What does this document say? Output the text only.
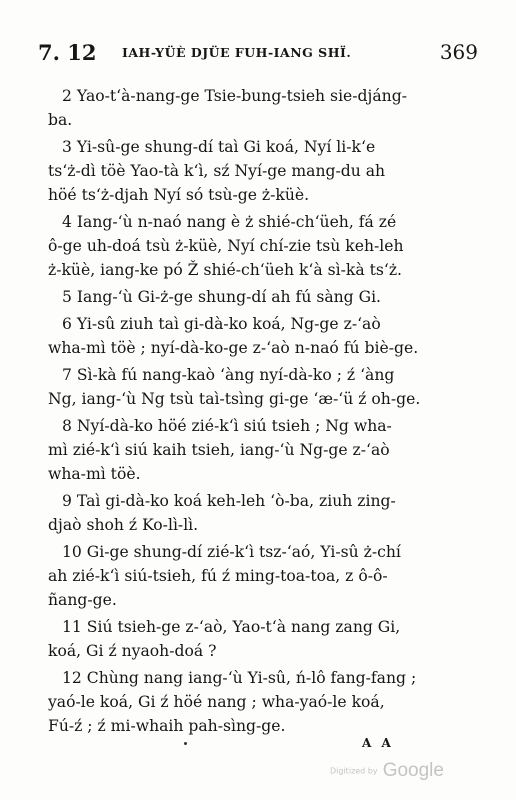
7. 12 IAH-YÜÈ DJÜE FUH-IANG SHÏ.	369
2 Yao-t‘à-nang-ge Tsie-bung-tsieh sie-djáng-
ba.
3 Yi-sû-ge shung-dí taì Gi koá, Nyí li-k‘e
ts‘ż-dì töè Yao-tà k‘ì, sź Nyí-ge mang-du ah
höé ts‘ż-djah Nyí só tsù-ge ż-küè.
4 Iang-‘ù n-naó nang è ż shié-ch‘üeh, fá zé
ô-ge uh-doá tsù ż-küè, Nyí chí-zie tsù keh-leh
ż-küè, iang-ke pó Ž shié-ch‘üeh k‘à sì-kà ts‘ż.
5 Iang-‘ù Gi-ż-ge shung-dí ah fú sàng Gi.
6 Yi-sû ziuh taì gi-dà-ko koá, Ng-ge z-‘aò
wha-mì töè ; nyí-dà-ko-ge z-‘aò n-naó fú biè-ge.
7 Sì-kà fú nang-kaò ‘àng nyí-dà-ko ; ź ‘àng
Ng, iang-‘ù Ng tsù taì-tsìng gi-ge ‘æ-‘ü ź oh-ge.
8 Nyí-dà-ko höé zié-k‘ì siú tsieh ; Ng wha-
mì zié-k‘ì siú kaih tsieh, iang-‘ù Ng-ge z-‘aò
wha-mì töè.
9 Taì gi-dà-ko koá keh-leh ‘ò-ba, ziuh zing-
djaò shoh ź Ko-lì-lì.
10 Gi-ge shung-dí zié-k‘ì tsz-‘aó, Yi-sû ż-chí
ah zié-k‘ì siú-tsieh, fú ź ming-toa-toa, z ô-ô-
ñang-ge.
11 Siú tsieh-ge z-‘aò, Yao-t‘à nang zang Gi,
koá, Gi ź nyaoh-doá ?
12 Chùng nang iang-‘ù Yi-sû, ń-lô fang-fang ;
yaó-le koá, Gi ź höé nang ; wha-yaó-le koá,
Fú-ź ; ź mi-whaih pah-sìng-ge.
A A
Digitized by Google
